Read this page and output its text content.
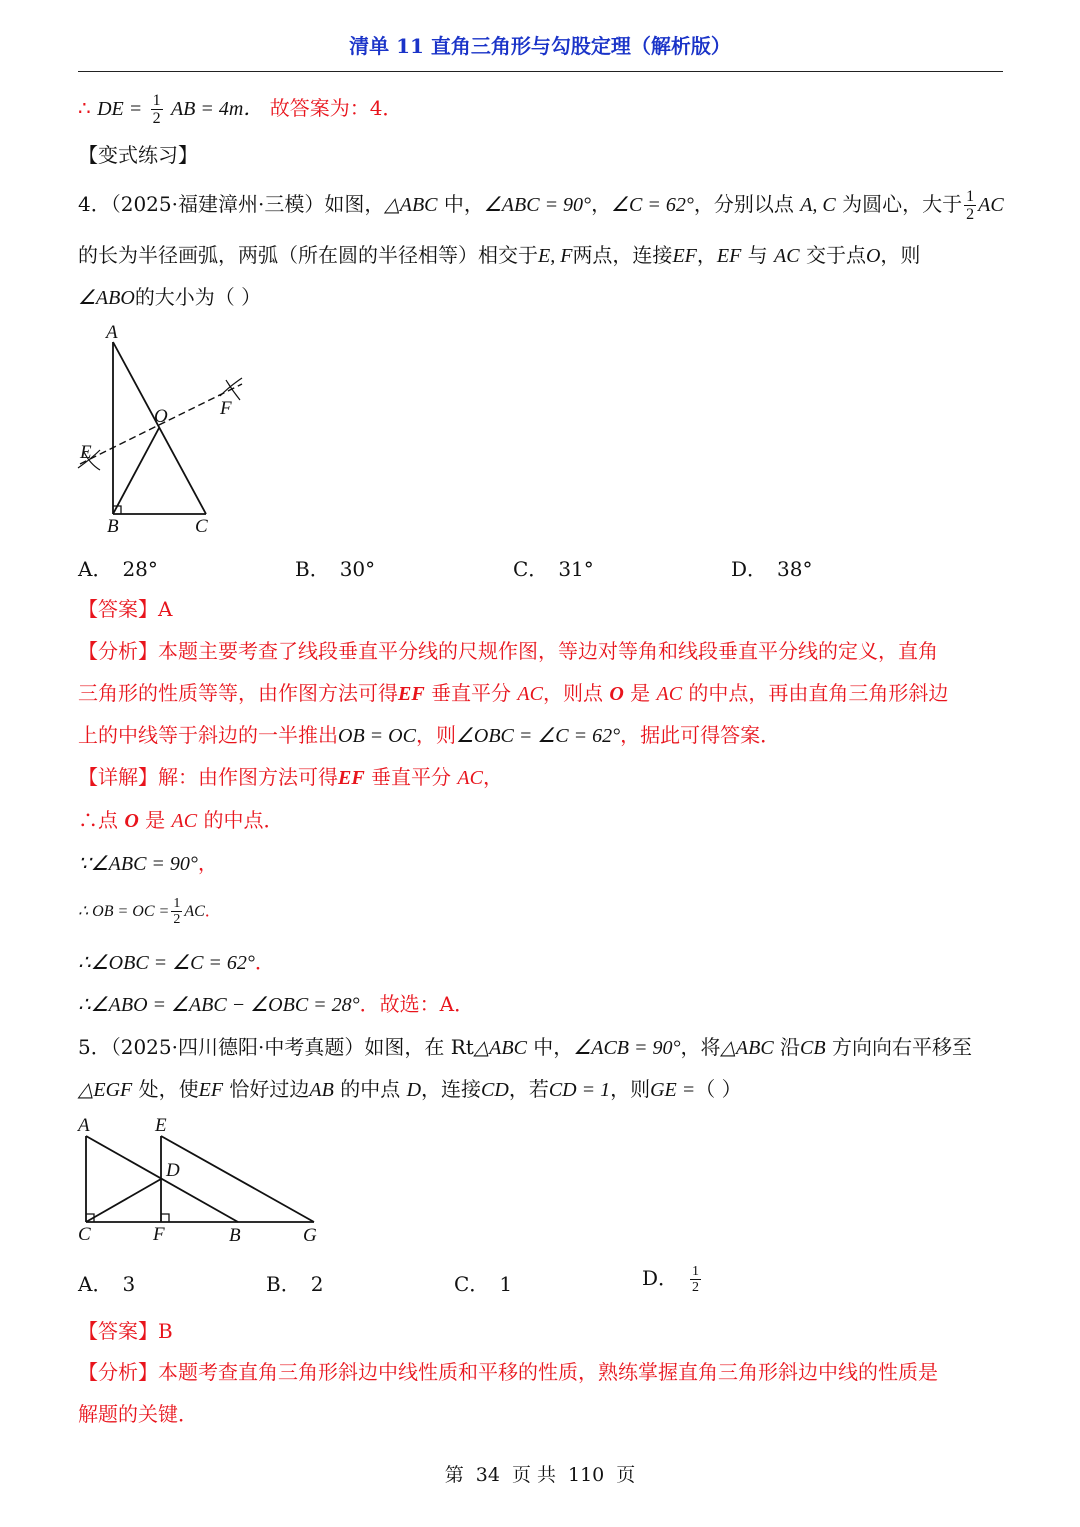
清单 11 直角三角形与勾股定理（解析版）
∴ DE = $\frac{1}{2}$ AB = 4m． 故答案为：4．
【变式练习】
4．（2025·福建漳州·三模）如图，△ABC 中，∠ABC = 90°，∠C = 62°，分别以点 A, C 为圆心，大于 $\frac{1}{2}$ AC
的长为半径画弧，两弧（所在圆的半径相等）相交于E, F两点，连接EF，EF 与 AC 交于点O，则
∠ABO的大小为（ ）
A
B	C
E
F
O
A． 28°	B． 30°	C． 31°	D． 38°
【答案】A
【分析】本题主要考查了线段垂直平分线的尺规作图，等边对等角和线段垂直平分线的定义，直角
三角形的性质等等，由作图方法可得EF 垂直平分 AC，则点 O 是 AC 的中点，再由直角三角形斜边
上的中线等于斜边的一半推出OB = OC，则∠OBC = ∠C = 62°，据此可得答案．
【详解】解：由作图方法可得EF 垂直平分 AC，
∴点 O 是 AC 的中点．
∵∠ABC = 90°，
∴ OB = OC = $\frac{1}{2}$ AC．
∴∠OBC = ∠C = 62°．
∴∠ABO = ∠ABC − ∠OBC = 28°．故选：A．
5．（2025·四川德阳·中考真题）如图，在 Rt△ABC 中，∠ACB = 90°，将△ABC 沿CB 方向向右平移至
△EGF 处，使EF 恰好过边AB 的中点 D，连接CD，若CD = 1，则GE =（ ）
A	E
D
C	F	B	G
A． 3	B． 2	C． 1	D． $\frac{1}{2}$
【答案】B
【分析】本题考查直角三角形斜边中线性质和平移的性质，熟练掌握直角三角形斜边中线的性质是
解题的关键．
第 34 页 共 110 页
